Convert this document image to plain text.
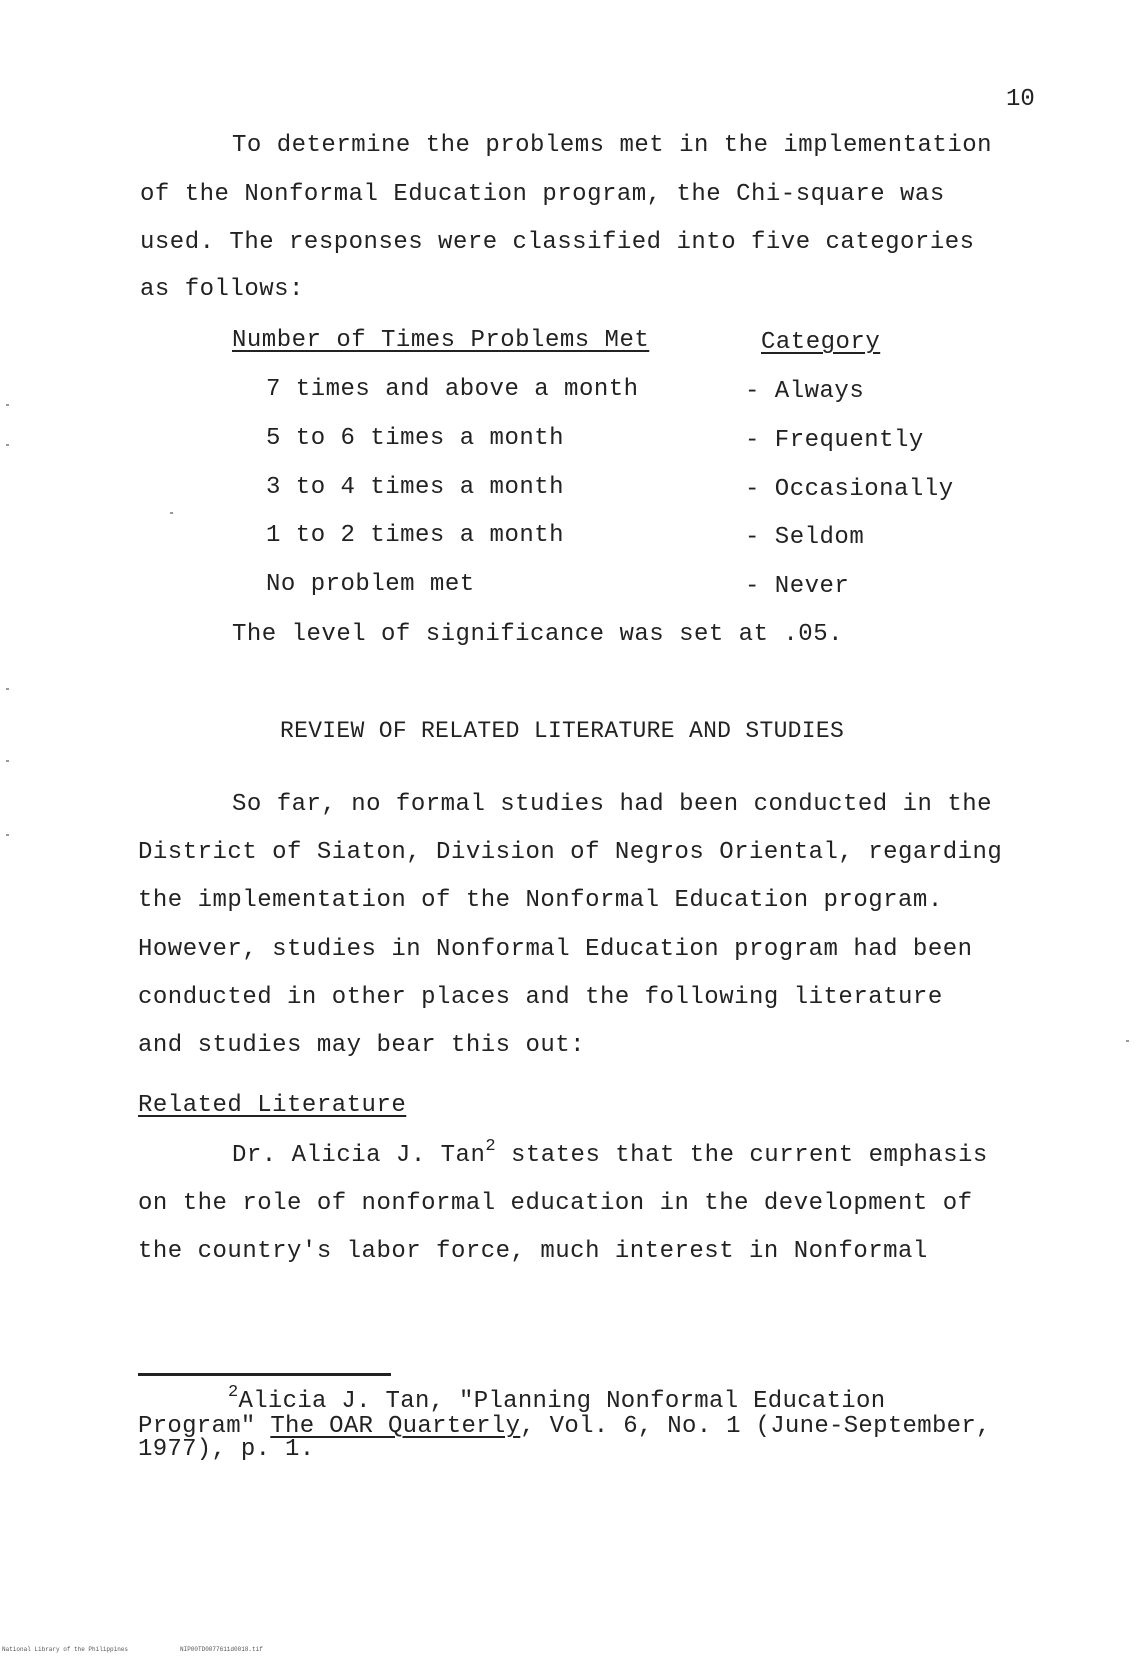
10
To determine the problems met in the implementation
of the Nonformal Education program, the Chi-square was
used. The responses were classified into five categories
as follows:
Number of Times Problems Met	Category
7 times and above a month	- Always
5 to 6 times a month	- Frequently
3 to 4 times a month	- Occasionally
1 to 2 times a month	- Seldom
No problem met	- Never
The level of significance was set at .05.
REVIEW OF RELATED LITERATURE AND STUDIES
So far, no formal studies had been conducted in the
District of Siaton, Division of Negros Oriental, regarding
the implementation of the Nonformal Education program.
However, studies in Nonformal Education program had been
conducted in other places and the following literature
and studies may bear this out:
Related Literature
Dr. Alicia J. Tan$^2$ states that the current emphasis
on the role of nonformal education in the development of
the country's labor force, much interest in Nonformal
$^2$Alicia J. Tan, "Planning Nonformal Education
Program" The OAR Quarterly, Vol. 6, No. 1 (June-September,
1977), p. 1.
National Library of the Philippines	NIP00TD0077611d0018.tif
